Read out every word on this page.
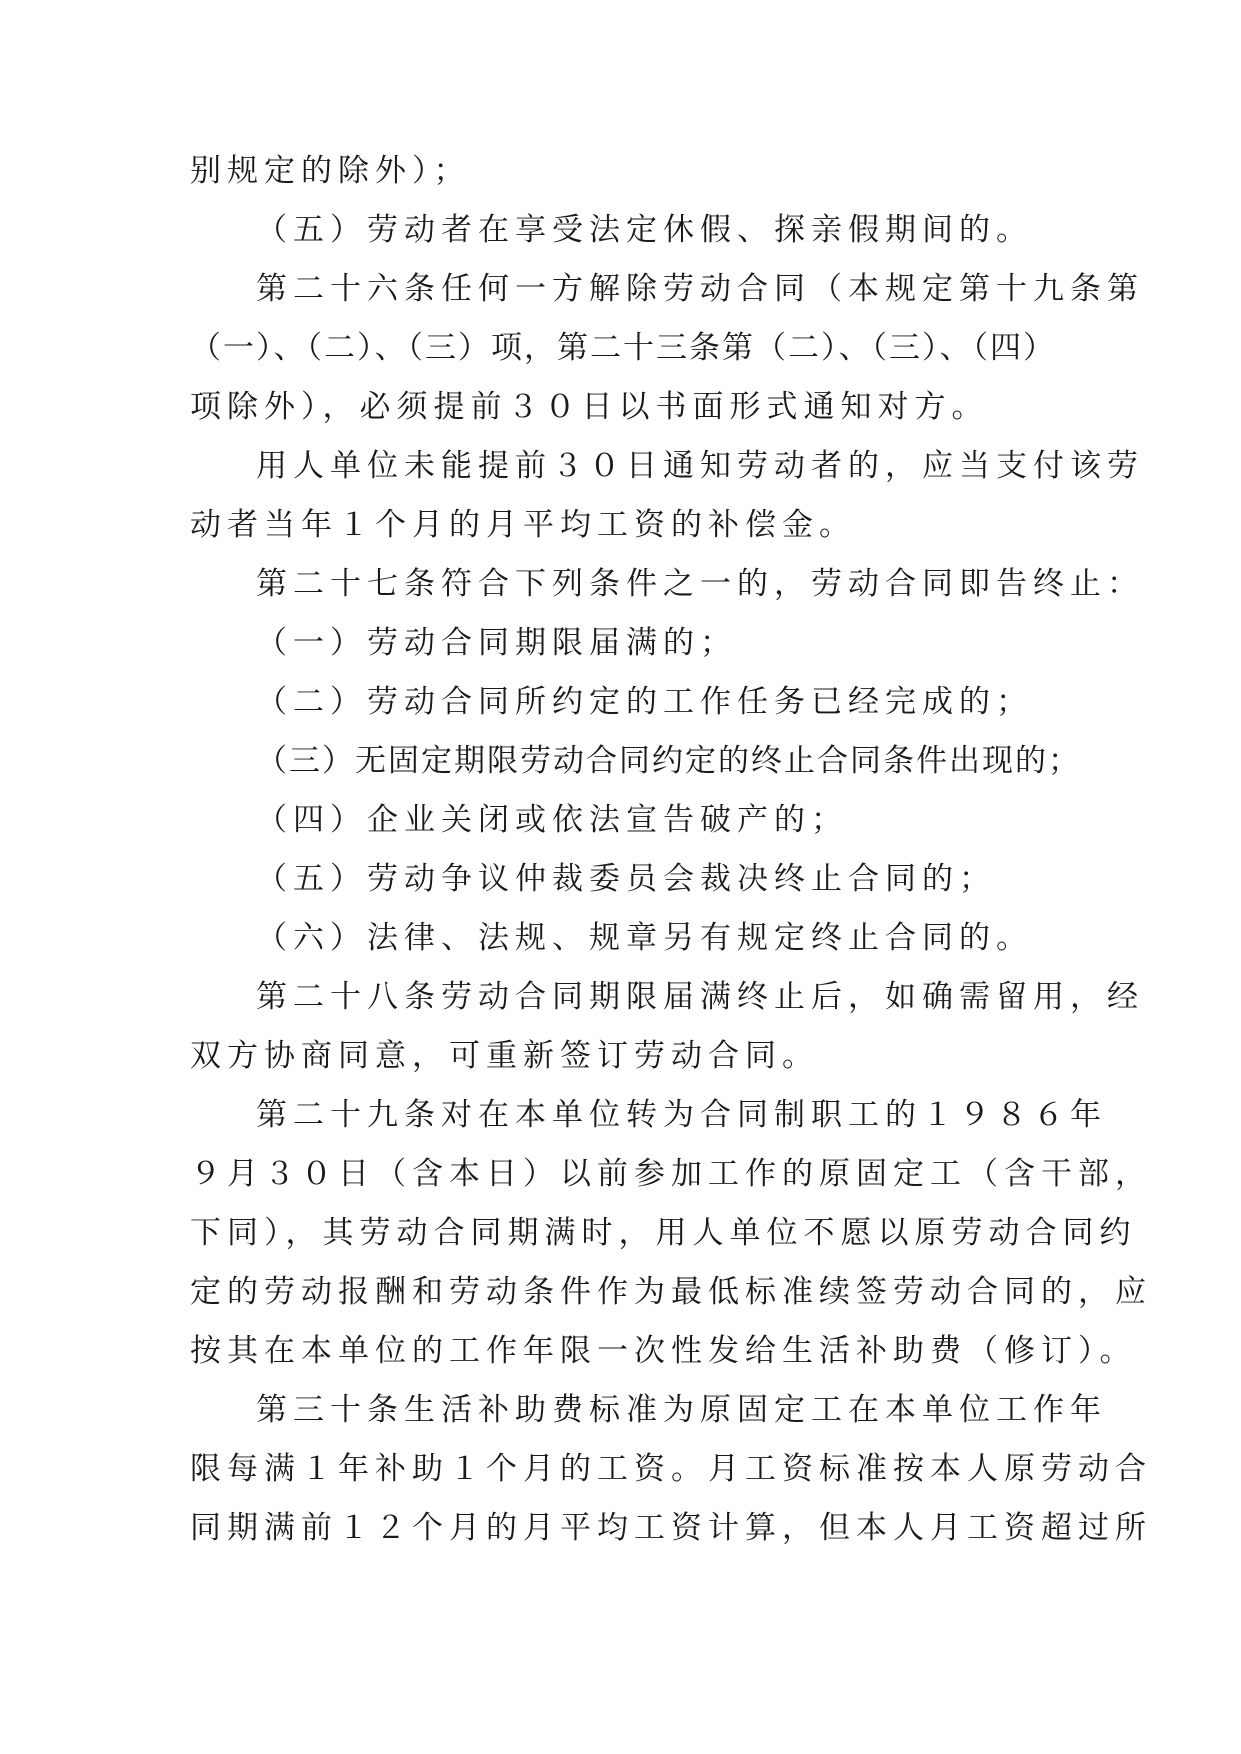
别规定的除外）；
（五）劳动者在享受法定休假、探亲假期间的。
第二十六条任何一方解除劳动合同（本规定第十九条第
（一）、（二）、（三）项，第二十三条第（二）、（三）、（四）
项除外），必须提前３０日以书面形式通知对方。
用人单位未能提前３０日通知劳动者的，应当支付该劳
动者当年１个月的月平均工资的补偿金。
第二十七条符合下列条件之一的，劳动合同即告终止：
（一）劳动合同期限届满的；
（二）劳动合同所约定的工作任务已经完成的；
（三）无固定期限劳动合同约定的终止合同条件出现的；
（四）企业关闭或依法宣告破产的；
（五）劳动争议仲裁委员会裁决终止合同的；
（六）法律、法规、规章另有规定终止合同的。
第二十八条劳动合同期限届满终止后，如确需留用，经
双方协商同意，可重新签订劳动合同。
第二十九条对在本单位转为合同制职工的１９８６年
９月３０日（含本日）以前参加工作的原固定工（含干部，
下同），其劳动合同期满时，用人单位不愿以原劳动合同约
定的劳动报酬和劳动条件作为最低标准续签劳动合同的，应
按其在本单位的工作年限一次性发给生活补助费（修订）。
第三十条生活补助费标准为原固定工在本单位工作年
限每满１年补助１个月的工资。月工资标准按本人原劳动合
同期满前１２个月的月平均工资计算，但本人月工资超过所
